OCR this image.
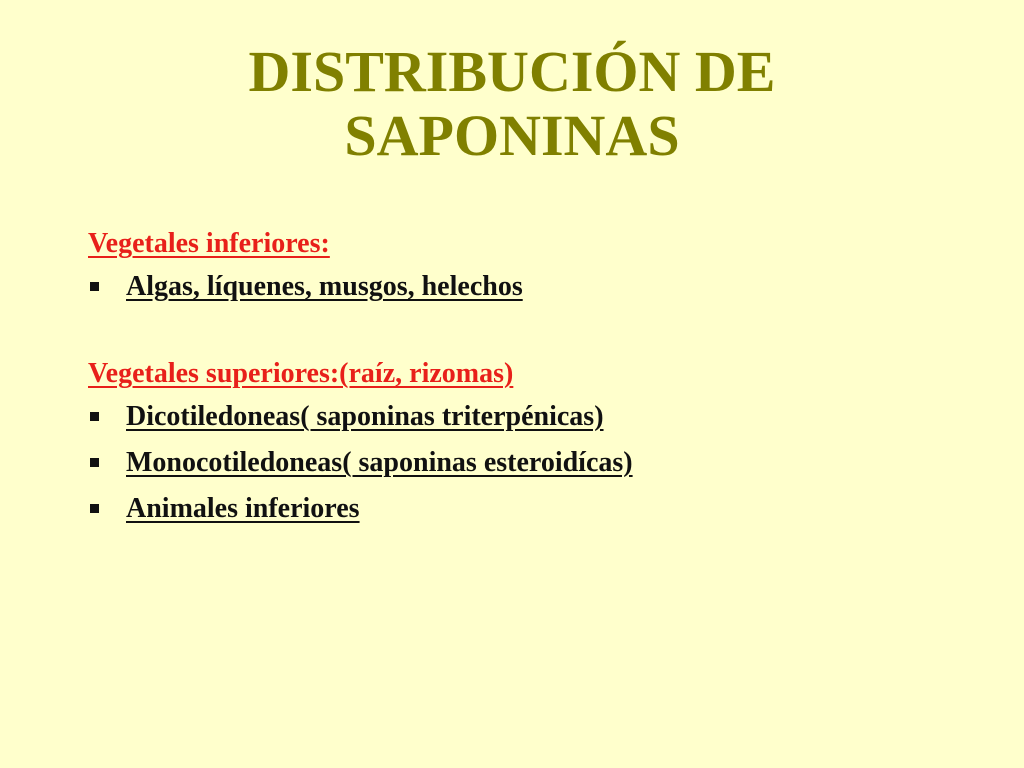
DISTRIBUCIÓN DE
SAPONINAS
Vegetales inferiores:
Algas, líquenes, musgos, helechos
Vegetales superiores:(raíz, rizomas)
Dicotiledoneas( saponinas triterpénicas)
Monocotiledoneas( saponinas esteroidícas)
Animales inferiores
